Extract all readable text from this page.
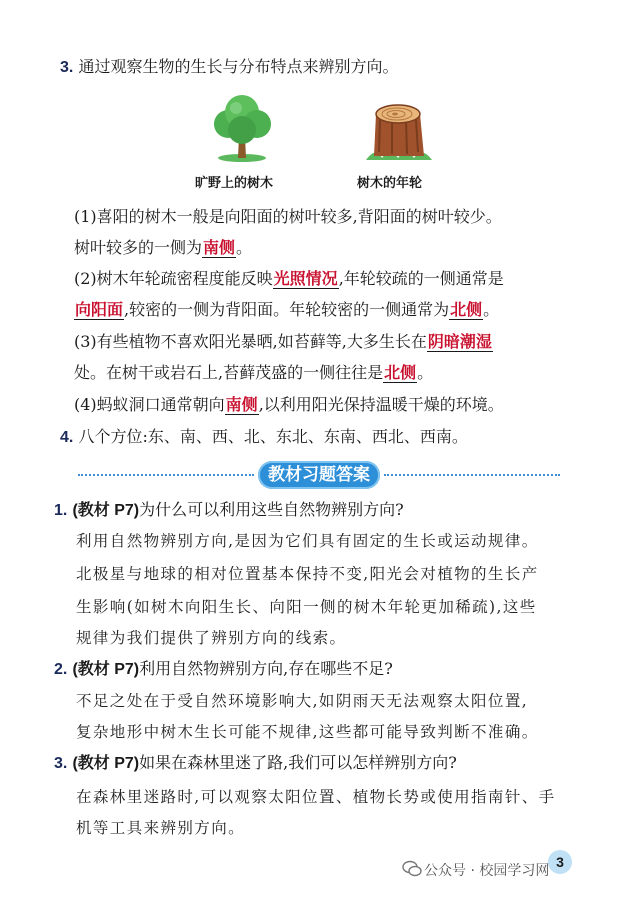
3. 通过观察生物的生长与分布特点来辨别方向。
旷野上的树木	树木的年轮
(1)喜阳的树木一般是向阳面的树叶较多,背阳面的树叶较少。
树叶较多的一侧为南侧。
(2)树木年轮疏密程度能反映光照情况,年轮较疏的一侧通常是
向阳面,较密的一侧为背阳面。年轮较密的一侧通常为北侧。
(3)有些植物不喜欢阳光暴晒,如苔藓等,大多生长在阴暗潮湿
处。在树干或岩石上,苔藓茂盛的一侧往往是北侧。
(4)蚂蚁洞口通常朝向南侧,以利用阳光保持温暖干燥的环境。
4. 八个方位:东、南、西、北、东北、东南、西北、西南。
教材习题答案
1. (教材 P7)为什么可以利用这些自然物辨别方向?
利用自然物辨别方向,是因为它们具有固定的生长或运动规律。
北极星与地球的相对位置基本保持不变,阳光会对植物的生长产
生影响(如树木向阳生长、向阳一侧的树木年轮更加稀疏),这些
规律为我们提供了辨别方向的线索。
2. (教材 P7)利用自然物辨别方向,存在哪些不足?
不足之处在于受自然环境影响大,如阴雨天无法观察太阳位置,
复杂地形中树木生长可能不规律,这些都可能导致判断不准确。
3. (教材 P7)如果在森林里迷了路,我们可以怎样辨别方向?
在森林里迷路时,可以观察太阳位置、植物长势或使用指南针、手
机等工具来辨别方向。
3
公众号 · 校园学习网
